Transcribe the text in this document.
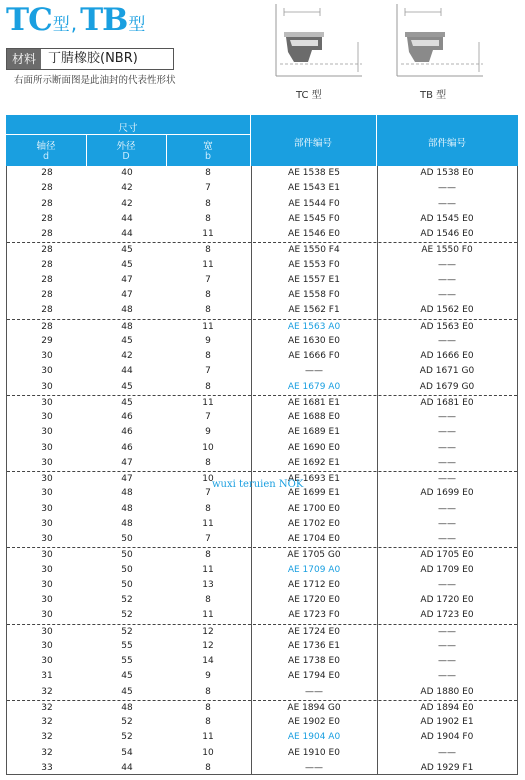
TC 型 , TB 型
材料 丁腈橡胶(NBR)
右面所示断面图是此油封的代表性形状
TC 型	TB 型
尺寸
轴径
d
外径
D
宽
b
部件编号	部件编号
28	40	8	AE 1538 E5	AD 1538 E0
28	42	7	AE 1543 E1	——
28	42	8	AE 1544 F0	——
28	44	8	AE 1545 F0	AD 1545 E0
28	44	11	AE 1546 E0	AD 1546 E0
28	45	8	AE 1550 F4	AE 1550 F0
28	45	11	AE 1553 F0	——
28	47	7	AE 1557 E1	——
28	47	8	AE 1558 F0	——
28	48	8	AE 1562 F1	AD 1562 E0
28	48	11	AE 1563 A0	AD 1563 E0
29	45	9	AE 1630 E0	——
30	42	8	AE 1666 F0	AD 1666 E0
30	44	7	——	AD 1671 G0
30	45	8	AE 1679 A0	AD 1679 G0
30	45	11	AE 1681 E1	AD 1681 E0
30	46	7	AE 1688 E0	——
30	46	9	AE 1689 E1	——
30	46	10	AE 1690 E0	——
30	47	8	AE 1692 E1	——
30	47	10	AE 1693 E1	——
30	48	7	AE 1699 E1	AD 1699 E0
30	48	8	AE 1700 E0	——
30	48	11	AE 1702 E0	——
30	50	7	AE 1704 E0	——
30	50	8	AE 1705 G0	AD 1705 E0
30	50	11	AE 1709 A0	AD 1709 E0
30	50	13	AE 1712 E0	——
30	52	8	AE 1720 E0	AD 1720 E0
30	52	11	AE 1723 F0	AD 1723 E0
30	52	12	AE 1724 E0	——
30	55	12	AE 1736 E1	——
30	55	14	AE 1738 E0	——
31	45	9	AE 1794 E0	——
32	45	8	——	AD 1880 E0
32	48	8	AE 1894 G0	AD 1894 E0
32	52	8	AE 1902 E0	AD 1902 E1
32	52	11	AE 1904 A0	AD 1904 F0
32	54	10	AE 1910 E0	——
33	44	8	——	AD 1929 F1
wuxi teruien NOK
